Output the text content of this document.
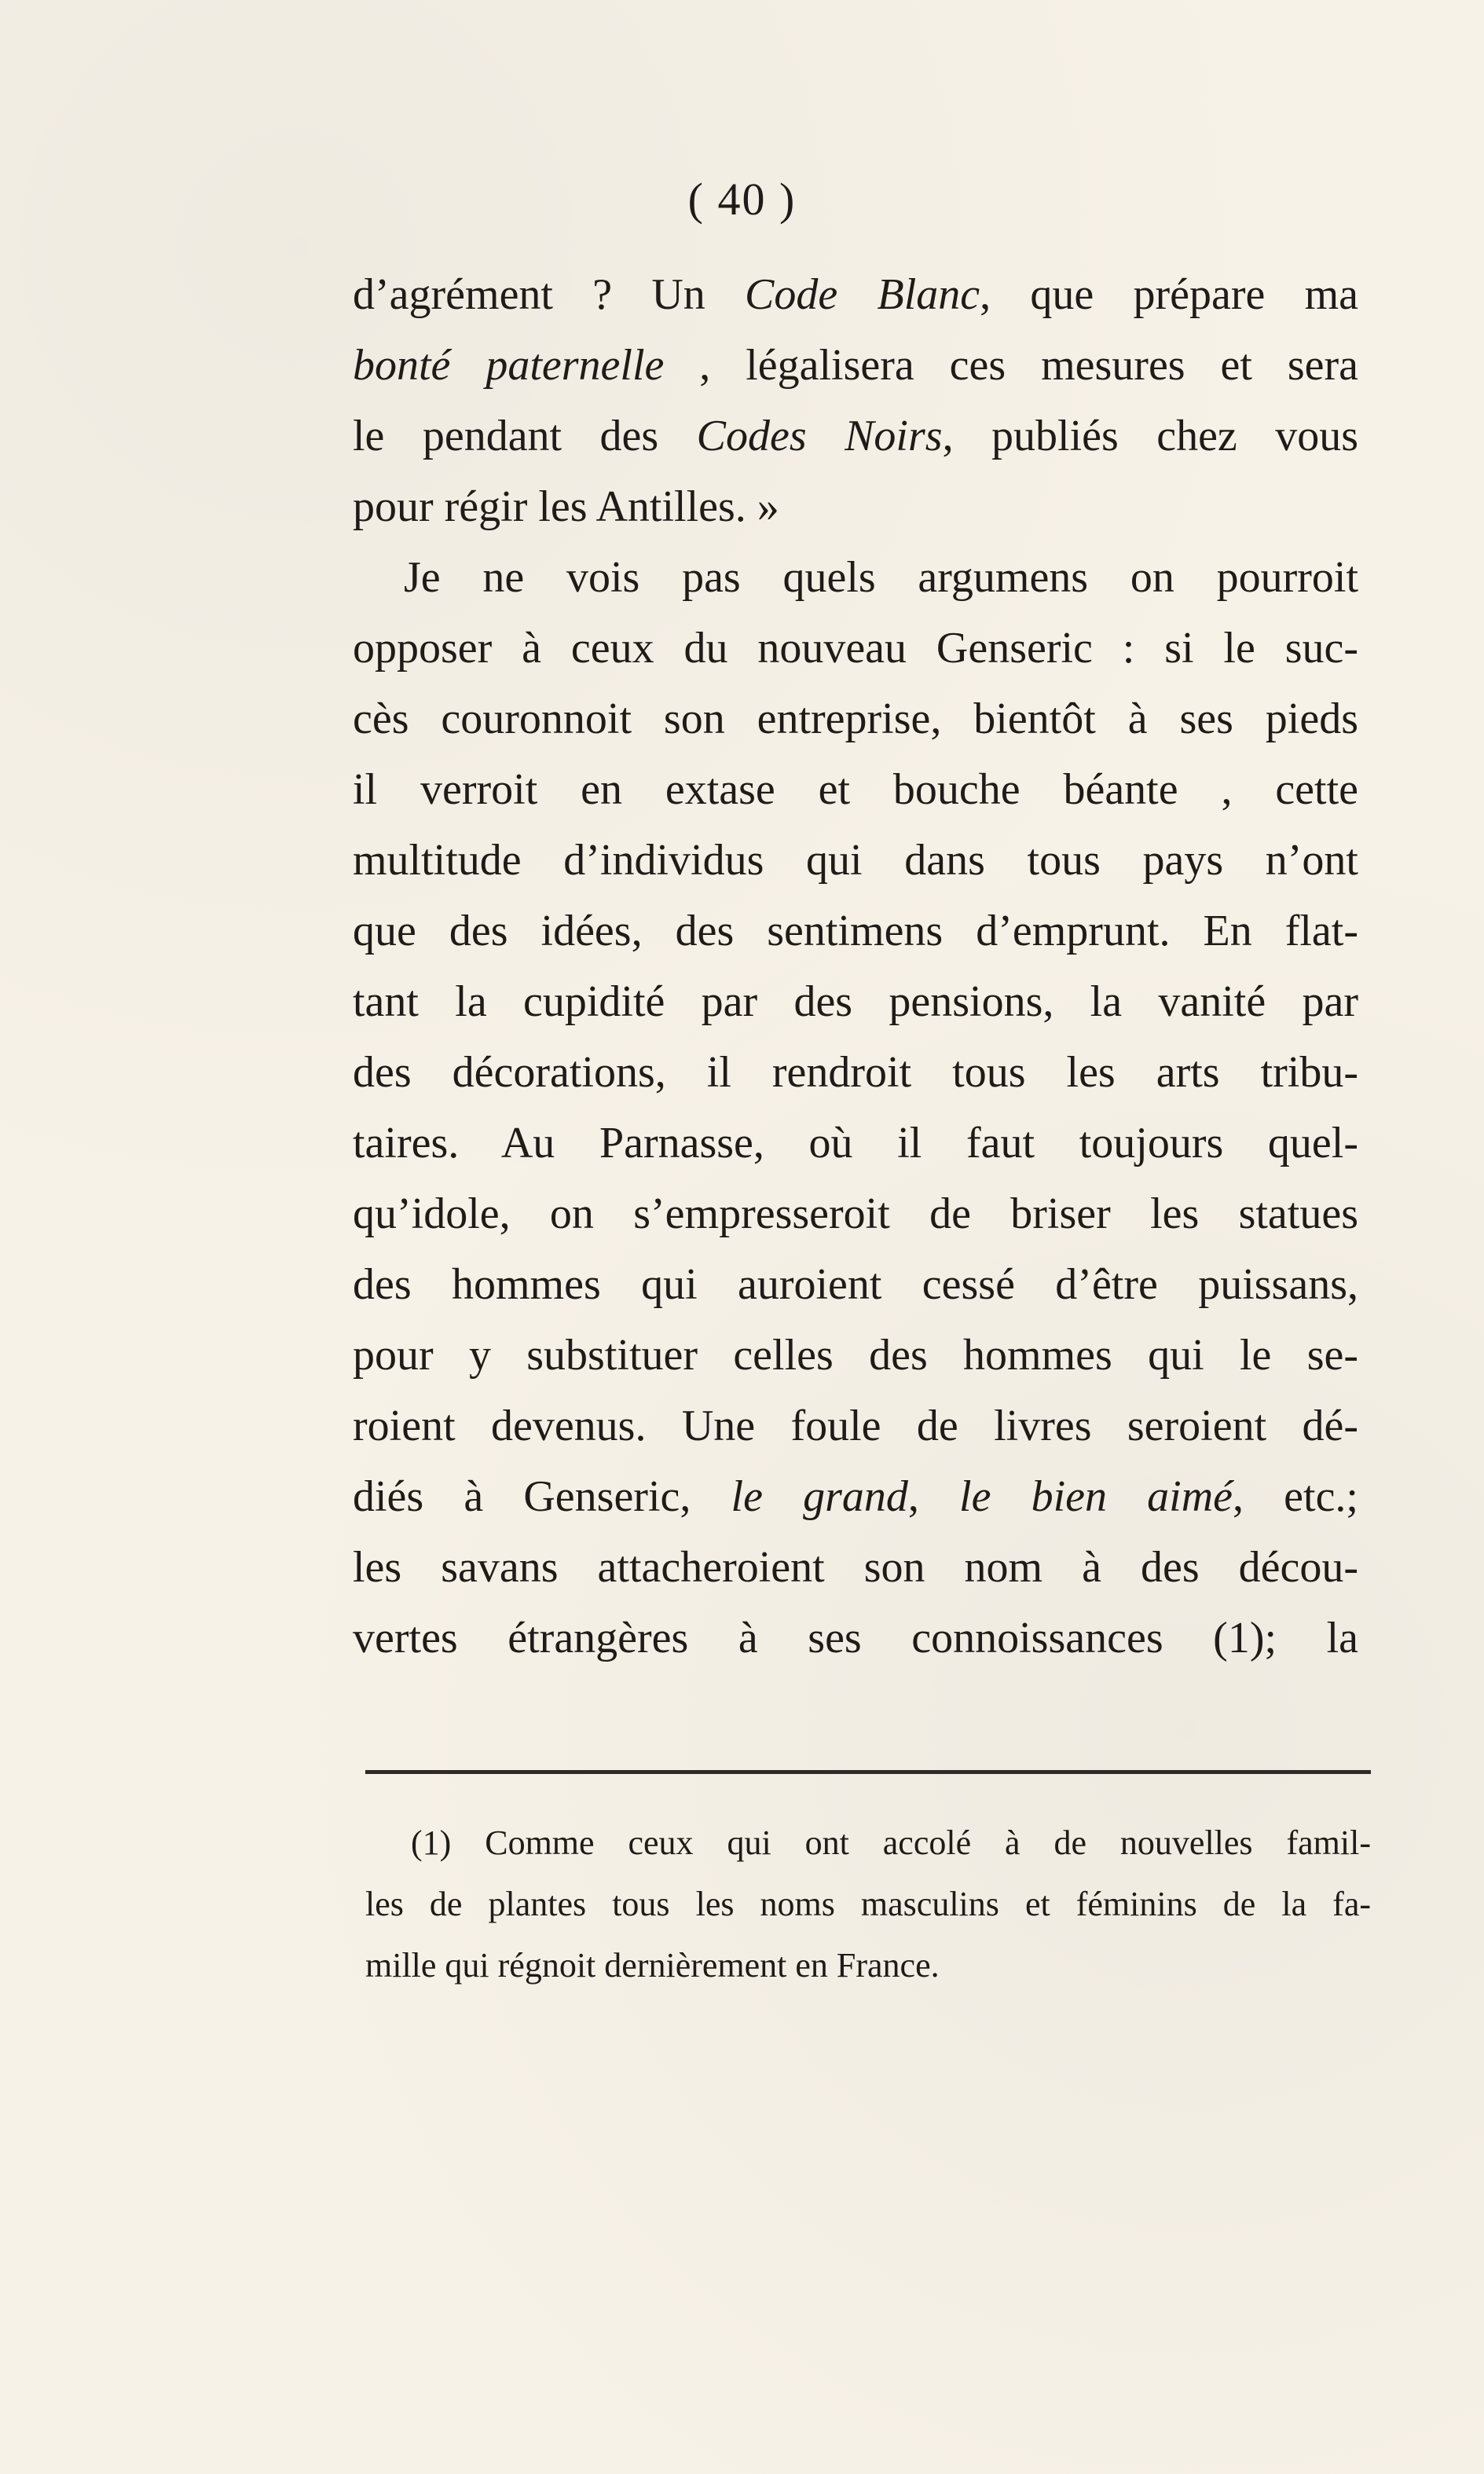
( 40 )
d’agrément ? Un Code Blanc, que prépare ma
bonté paternelle , légalisera ces mesures et sera
le pendant des Codes Noirs, publiés chez vous
pour régir les Antilles. »
Je ne vois pas quels argumens on pourroit
opposer à ceux du nouveau Genseric : si le suc-
cès couronnoit son entreprise, bientôt à ses pieds
il verroit en extase et bouche béante , cette
multitude d’individus qui dans tous pays n’ont
que des idées, des sentimens d’emprunt. En flat-
tant la cupidité par des pensions, la vanité par
des décorations, il rendroit tous les arts tribu-
taires. Au Parnasse, où il faut toujours quel-
qu’idole, on s’empresseroit de briser les statues
des hommes qui auroient cessé d’être puissans,
pour y substituer celles des hommes qui le se-
roient devenus. Une foule de livres seroient dé-
diés à Genseric, le grand, le bien aimé, etc.;
les savans attacheroient son nom à des décou-
vertes étrangères à ses connoissances (1); la
(1) Comme ceux qui ont accolé à de nouvelles famil-
les de plantes tous les noms masculins et féminins de la fa-
mille qui régnoit dernièrement en France.
